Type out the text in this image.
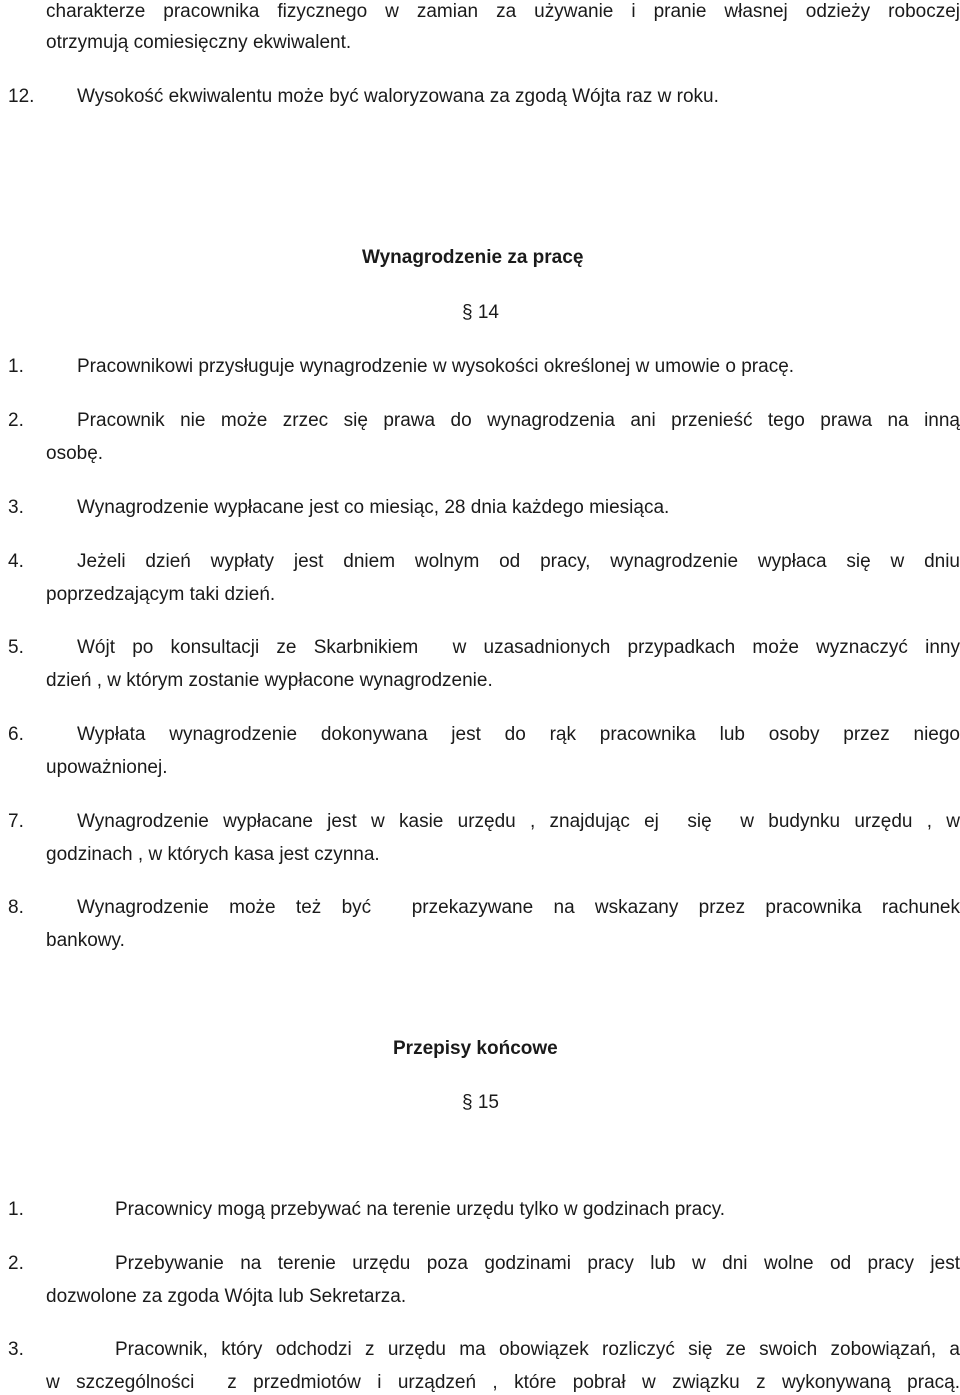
charakterze pracownika fizycznego w zamian za używanie i pranie własnej odzieży roboczej
otrzymują comiesięczny ekwiwalent.
12. Wysokość ekwiwalentu może być waloryzowana za zgodą Wójta raz w roku.
Wynagrodzenie za pracę
§ 14
1.	Pracownikowi przysługuje wynagrodzenie w wysokości określonej w umowie o pracę.
2.	Pracownik nie może zrzec się prawa do wynagrodzenia ani przenieść tego prawa na inną
osobę.
3.	Wynagrodzenie wypłacane jest co miesiąc, 28 dnia każdego miesiąca.
4.	Jeżeli dzień wypłaty jest dniem wolnym od pracy, wynagrodzenie wypłaca się w dniu
poprzedzającym taki dzień.
5.	Wójt po konsultacji ze Skarbnikiem  w uzasadnionych przypadkach może wyznaczyć inny
dzień , w którym zostanie wypłacone wynagrodzenie.
6.	Wypłata wynagrodzenie dokonywana jest do rąk pracownika lub osoby przez niego
upoważnionej.
7.	Wynagrodzenie wypłacane jest w kasie urzędu , znajdując ej  się  w budynku urzędu , w
godzinach , w których kasa jest czynna.
8.	Wynagrodzenie może też być  przekazywane na wskazany przez pracownika rachunek
bankowy.
Przepisy końcowe
§ 15
1.	Pracownicy mogą przebywać na terenie urzędu tylko w godzinach pracy.
2.	Przebywanie na terenie urzędu poza godzinami pracy lub w dni wolne od pracy jest
dozwolone za zgoda Wójta lub Sekretarza.
3.	Pracownik, który odchodzi z urzędu ma obowiązek rozliczyć się ze swoich zobowiązań, a
w szczególności  z przedmiotów i urządzeń , które pobrał w związku z wykonywaną pracą.
